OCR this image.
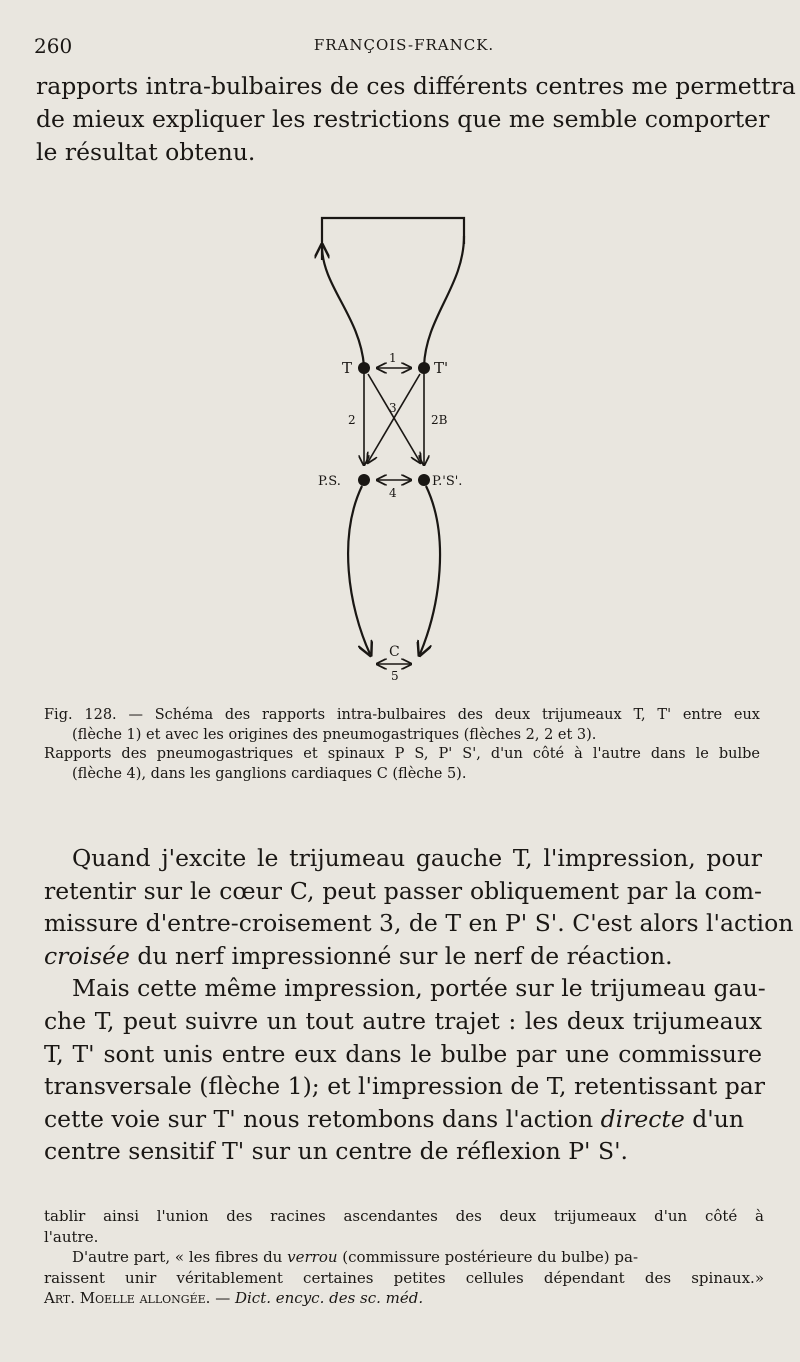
260	FRANÇOIS-FRANCK.
rapports intra-bulbaires de ces différents centres me permettra
de mieux expliquer les restrictions que me semble comporter
le résultat obtenu.
T	T'
1
2	2B
3
P.S.	P.'S'.
4
C
5
Fig. 128. — Schéma des rapports intra-bulbaires des deux trijumeaux T, T' entre eux
(flèche 1) et avec les origines des pneumogastriques (flèches 2, 2 et 3).
Rapports des pneumogastriques et spinaux P S, P' S', d'un côté à l'autre dans le bulbe
(flèche 4), dans les ganglions cardiaques C (flèche 5).
Quand j'excite le trijumeau gauche T, l'impression, pour
retentir sur le cœur C, peut passer obliquement par la com-
missure d'entre-croisement 3, de T en P' S'. C'est alors l'action
croisée du nerf impressionné sur le nerf de réaction.
Mais cette même impression, portée sur le trijumeau gau-
che T, peut suivre un tout autre trajet : les deux trijumeaux
T, T' sont unis entre eux dans le bulbe par une commissure
transversale (flèche 1); et l'impression de T, retentissant par
cette voie sur T' nous retombons dans l'action directe d'un
centre sensitif T' sur un centre de réflexion P' S'.
tablir ainsi l'union des racines ascendantes des deux trijumeaux d'un côté à
l'autre.
D'autre part, « les fibres du verrou (commissure postérieure du bulbe) pa-
raissent unir véritablement certaines petites cellules dépendant des spinaux.»
Art. Moelle allongée. — Dict. encyc. des sc. méd.
